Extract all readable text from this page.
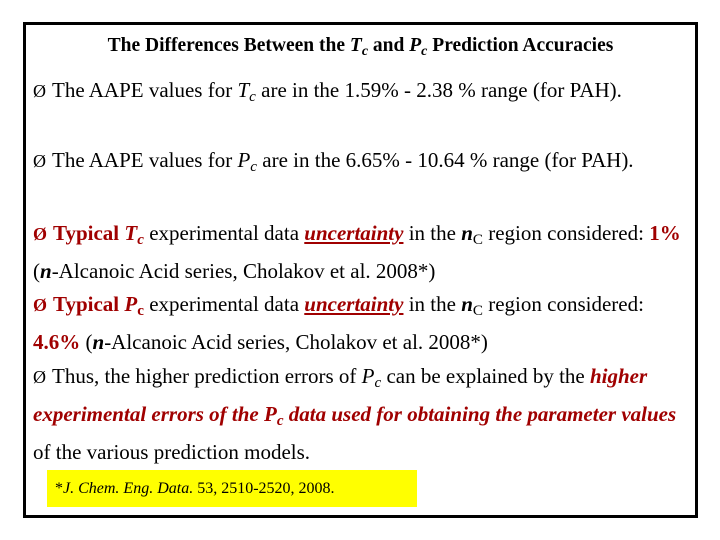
The Differences Between the $T_c$ and $P_c$ Prediction Accuracies
Ø The AAPE values for $T_c$ are in the 1.59% - 2.38 % range (for PAH).
Ø The AAPE values for $P_c$ are in the 6.65% - 10.64 % range (for PAH).
Ø Typical $T_c$ experimental data uncertainty in the $n_C$ region considered: 1% (n-Alcanoic Acid series, Cholakov et al. 2008*)
Ø Typical $P_c$ experimental data uncertainty in the $n_C$ region considered: 4.6% (n-Alcanoic Acid series, Cholakov et al. 2008*)
Ø Thus, the higher prediction errors of $P_c$ can be explained by the higher experimental errors of the $P_c$ data used for obtaining the parameter values of the various prediction models.
*J. Chem. Eng. Data. 53, 2510-2520, 2008.
